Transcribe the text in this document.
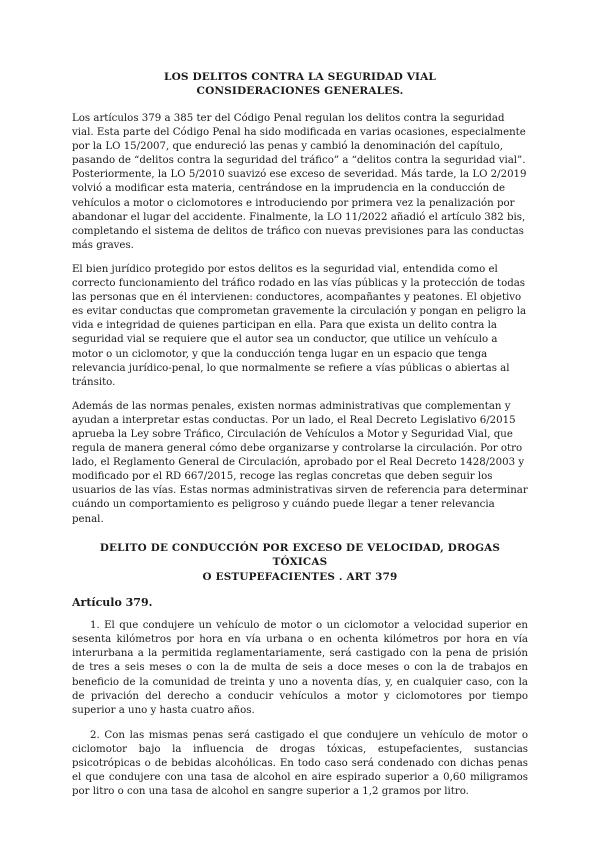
LOS DELITOS CONTRA LA SEGURIDAD VIAL
CONSIDERACIONES GENERALES.

Los artículos 379 a 385 ter del Código Penal regulan los delitos contra la seguridad vial. Esta parte del Código Penal ha sido modificada en varias ocasiones, especialmente por la LO 15/2007, que endureció las penas y cambió la denominación del capítulo, pasando de “delitos contra la seguridad del tráfico” a “delitos contra la seguridad vial”. Posteriormente, la LO 5/2010 suavizó ese exceso de severidad. Más tarde, la LO 2/2019 volvió a modificar esta materia, centrándose en la imprudencia en la conducción de vehículos a motor o ciclomotores e introduciendo por primera vez la penalización por abandonar el lugar del accidente. Finalmente, la LO 11/2022 añadió el artículo 382 bis, completando el sistema de delitos de tráfico con nuevas previsiones para las conductas más graves.

El bien jurídico protegido por estos delitos es la seguridad vial, entendida como el correcto funcionamiento del tráfico rodado en las vías públicas y la protección de todas las personas que en él intervienen: conductores, acompañantes y peatones. El objetivo es evitar conductas que comprometan gravemente la circulación y pongan en peligro la vida e integridad de quienes participan en ella. Para que exista un delito contra la seguridad vial se requiere que el autor sea un conductor, que utilice un vehículo a motor o un ciclomotor, y que la conducción tenga lugar en un espacio que tenga relevancia jurídico-penal, lo que normalmente se refiere a vías públicas o abiertas al tránsito.

Además de las normas penales, existen normas administrativas que complementan y ayudan a interpretar estas conductas. Por un lado, el Real Decreto Legislativo 6/2015 aprueba la Ley sobre Tráfico, Circulación de Vehículos a Motor y Seguridad Vial, que regula de manera general cómo debe organizarse y controlarse la circulación. Por otro lado, el Reglamento General de Circulación, aprobado por el Real Decreto 1428/2003 y modificado por el RD 667/2015, recoge las reglas concretas que deben seguir los usuarios de las vías. Estas normas administrativas sirven de referencia para determinar cuándo un comportamiento es peligroso y cuándo puede llegar a tener relevancia penal.

DELITO DE CONDUCCIÓN POR EXCESO DE VELOCIDAD, DROGAS TÓXICAS
O ESTUPEFACIENTES . ART 379
Artículo 379.

1. El que condujere un vehículo de motor o un ciclomotor a velocidad superior en sesenta kilómetros por hora en vía urbana o en ochenta kilómetros por hora en vía interurbana a la permitida reglamentariamente, será castigado con la pena de prisión de tres a seis meses o con la de multa de seis a doce meses o con la de trabajos en beneficio de la comunidad de treinta y uno a noventa días, y, en cualquier caso, con la de privación del derecho a conducir vehículos a motor y ciclomotores por tiempo superior a uno y hasta cuatro años.

2. Con las mismas penas será castigado el que condujere un vehículo de motor o ciclomotor bajo la influencia de drogas tóxicas, estupefacientes, sustancias psicotrópicas o de bebidas alcohólicas. En todo caso será condenado con dichas penas el que condujere con una tasa de alcohol en aire espirado superior a 0,60 miligramos por litro o con una tasa de alcohol en sangre superior a 1,2 gramos por litro.
